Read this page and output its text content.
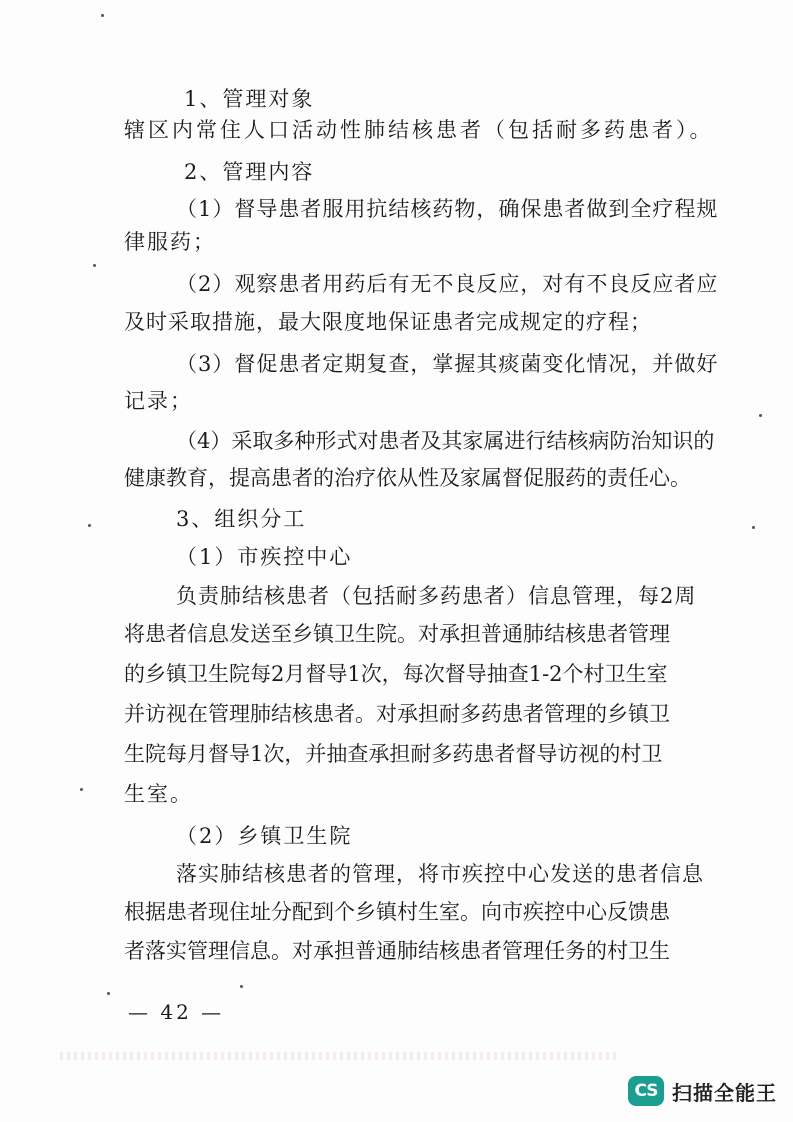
1、管理对象
辖区内常住人口活动性肺结核患者（包括耐多药患者）。
2、管理内容
（1）督导患者服用抗结核药物，确保患者做到全疗程规
律服药；
（2）观察患者用药后有无不良反应，对有不良反应者应
及时采取措施，最大限度地保证患者完成规定的疗程；
（3）督促患者定期复查，掌握其痰菌变化情况，并做好
记录；
（4）采取多种形式对患者及其家属进行结核病防治知识的
健康教育，提高患者的治疗依从性及家属督促服药的责任心。
3、组织分工
（1）市疾控中心
负责肺结核患者（包括耐多药患者）信息管理，每2周
将患者信息发送至乡镇卫生院。对承担普通肺结核患者管理
的乡镇卫生院每2月督导1次，每次督导抽查1-2个村卫生室
并访视在管理肺结核患者。对承担耐多药患者管理的乡镇卫
生院每月督导1次，并抽查承担耐多药患者督导访视的村卫
生室。
（2）乡镇卫生院
落实肺结核患者的管理，将市疾控中心发送的患者信息
根据患者现住址分配到个乡镇村生室。向市疾控中心反馈患
者落实管理信息。对承担普通肺结核患者管理任务的村卫生
— 42 —
CS 扫描全能王
